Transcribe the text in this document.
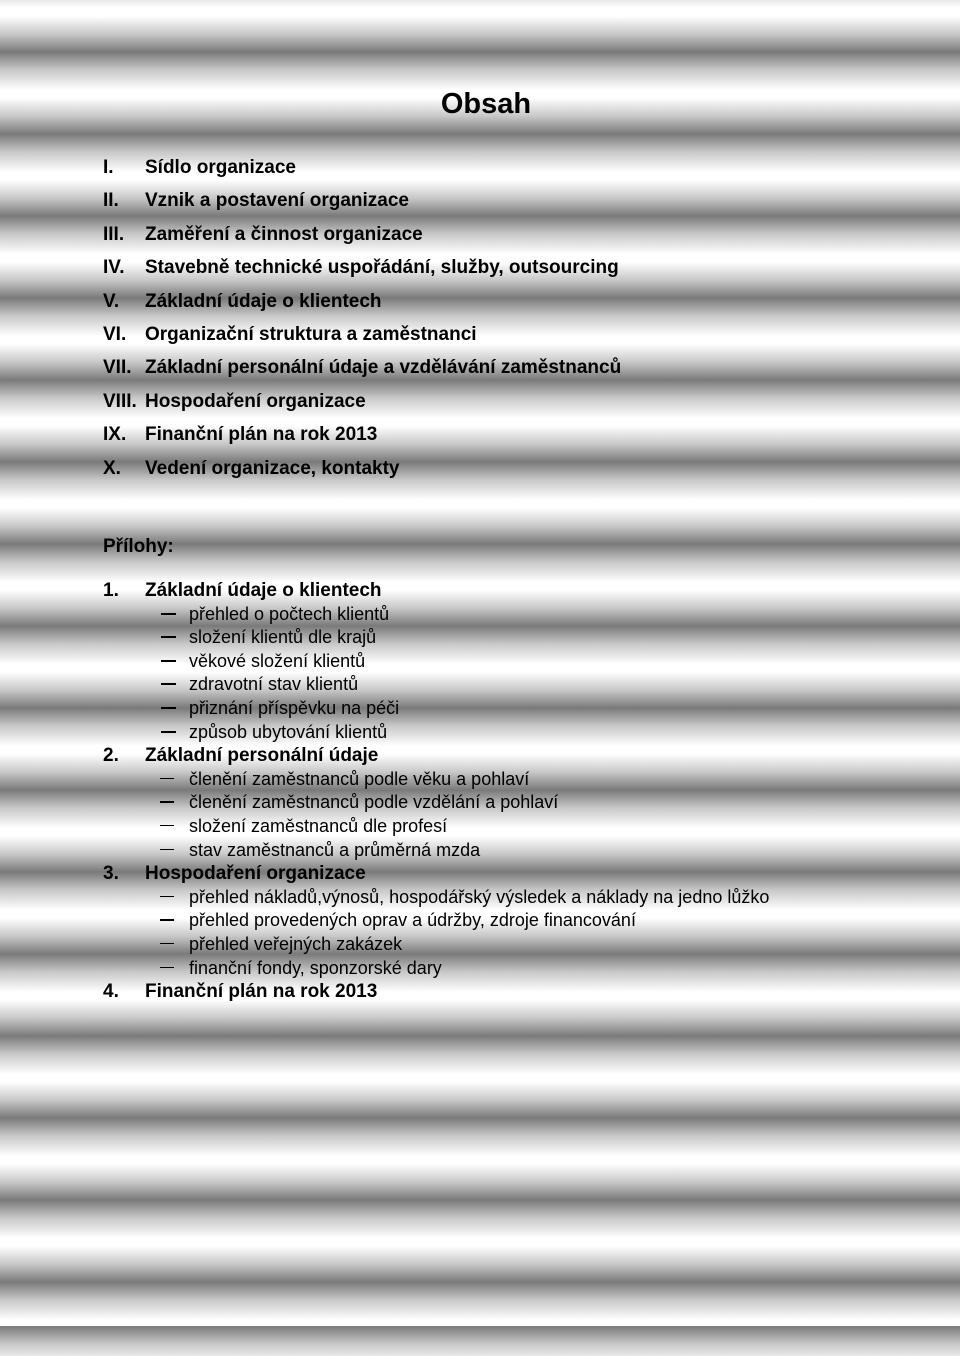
Obsah
I. Sídlo organizace
II. Vznik a postavení organizace
III. Zaměření a činnost organizace
IV. Stavebně technické uspořádání, služby, outsourcing
V. Základní údaje o klientech
VI. Organizační struktura a zaměstnanci
VII. Základní personální údaje a vzdělávání zaměstnanců
VIII. Hospodaření organizace
IX. Finanční plán na rok 2013
X. Vedení organizace, kontakty
Přílohy:
1. Základní údaje o klientech
přehled o počtech klientů
složení klientů dle krajů
věkové složení klientů
zdravotní stav klientů
přiznání příspěvku na péči
způsob ubytování klientů
2. Základní personální údaje
členění zaměstnanců podle věku a pohlaví
členění zaměstnanců podle vzdělání a pohlaví
složení zaměstnanců dle profesí
stav zaměstnanců a průměrná mzda
3. Hospodaření organizace
přehled nákladů,výnosů, hospodářský výsledek a náklady na jedno lůžko
přehled provedených oprav a údržby, zdroje financování
přehled veřejných zakázek
finanční fondy, sponzorské dary
4. Finanční plán na rok 2013
